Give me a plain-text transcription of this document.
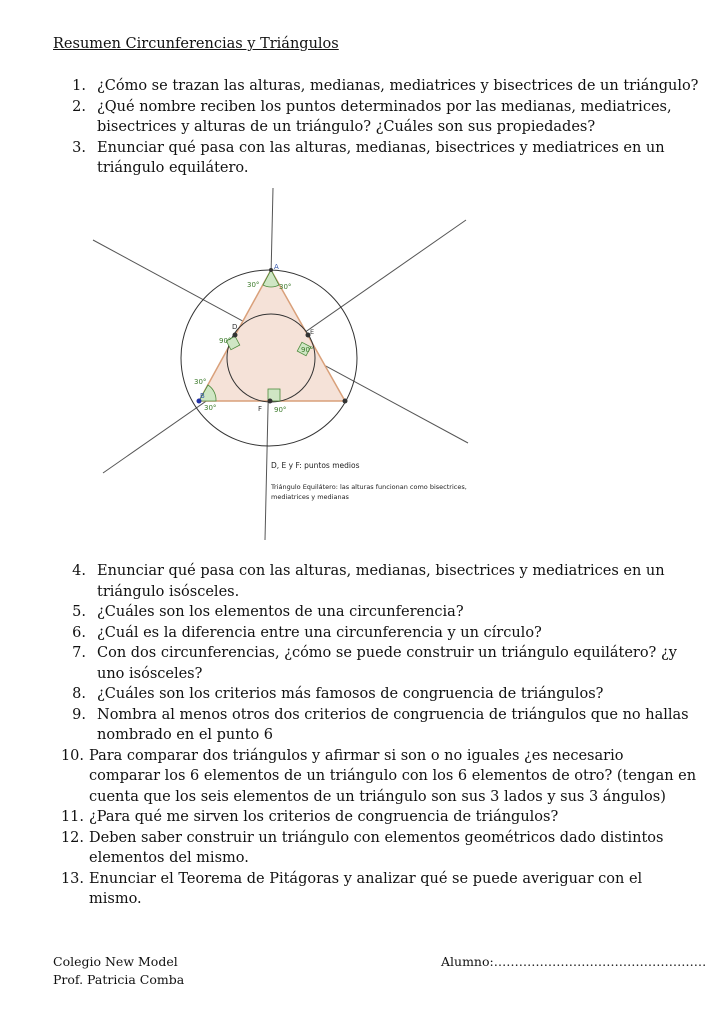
Resumen Circunferencias y Triángulos
1. ¿Cómo se trazan las alturas, medianas, mediatrices y bisectrices de un triángulo?
2. ¿Qué nombre reciben los puntos determinados por las medianas, mediatrices,
bisectrices y alturas de un triángulo? ¿Cuáles son sus propiedades?
3. Enunciar qué pasa con las alturas, medianas, bisectrices y mediatrices en un
triángulo equilátero.
A
B
D
E
F
30°	30°
30°
30°
90°
90°
90°
D, E y F: puntos medios
Triángulo Equilátero: las alturas funcionan como bisectrices,
mediatrices y medianas
4. Enunciar qué pasa con las alturas, medianas, bisectrices y mediatrices en un
triángulo isósceles.
5. ¿Cuáles son los elementos de una circunferencia?
6. ¿Cuál es la diferencia entre una circunferencia y un círculo?
7. Con dos circunferencias, ¿cómo se puede construir un triángulo equilátero? ¿y
uno isósceles?
8. ¿Cuáles son los criterios más famosos de congruencia de triángulos?
9. Nombra al menos otros dos criterios de congruencia de triángulos que no hallas
nombrado en el punto 6
10. Para comparar dos triángulos y afirmar si son o no iguales ¿es necesario
comparar los 6 elementos de un triángulo con los 6 elementos de otro? (tengan en
cuenta que los seis elementos de un triángulo son sus 3 lados y sus 3 ángulos)
11. ¿Para qué me sirven los criterios de congruencia de triángulos?
12. Deben saber construir un triángulo con elementos geométricos dado distintos
elementos del mismo.
13. Enunciar el Teorema de Pitágoras y analizar qué se puede averiguar con el
mismo.
Colegio New Model
Prof. Patricia Comba
Alumno:……………………………………………
